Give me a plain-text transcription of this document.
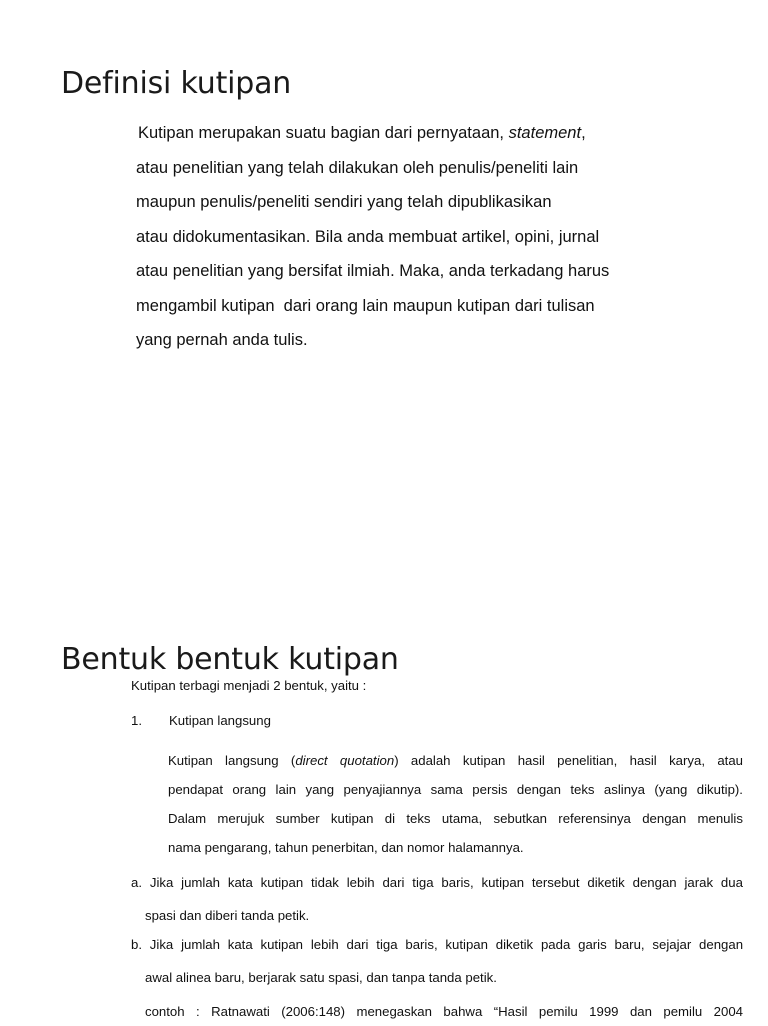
Definisi kutipan
Kutipan merupakan suatu bagian dari pernyataan, statement,
atau penelitian yang telah dilakukan oleh penulis/peneliti lain
maupun penulis/peneliti sendiri yang telah dipublikasikan
atau didokumentasikan. Bila anda membuat artikel, opini, jurnal
atau penelitian yang bersifat ilmiah. Maka, anda terkadang harus
mengambil kutipan  dari orang lain maupun kutipan dari tulisan
yang pernah anda tulis.
Bentuk bentuk kutipan
Kutipan terbagi menjadi 2 bentuk, yaitu :
1. Kutipan langsung
Kutipan langsung (direct quotation) adalah kutipan hasil penelitian, hasil karya, atau
pendapat orang lain yang penyajiannya sama persis dengan teks aslinya (yang dikutip).
Dalam merujuk sumber kutipan di teks utama, sebutkan referensinya dengan menulis
nama pengarang, tahun penerbitan, dan nomor halamannya.
a. Jika jumlah kata kutipan tidak lebih dari tiga baris, kutipan tersebut diketik dengan jarak dua
spasi dan diberi tanda petik.
b. Jika jumlah kata kutipan lebih dari tiga baris, kutipan diketik pada garis baru, sejajar dengan
awal alinea baru, berjarak satu spasi, dan tanpa tanda petik.
contoh : Ratnawati (2006:148) menegaskan bahwa “Hasil pemilu 1999 dan pemilu 2004
